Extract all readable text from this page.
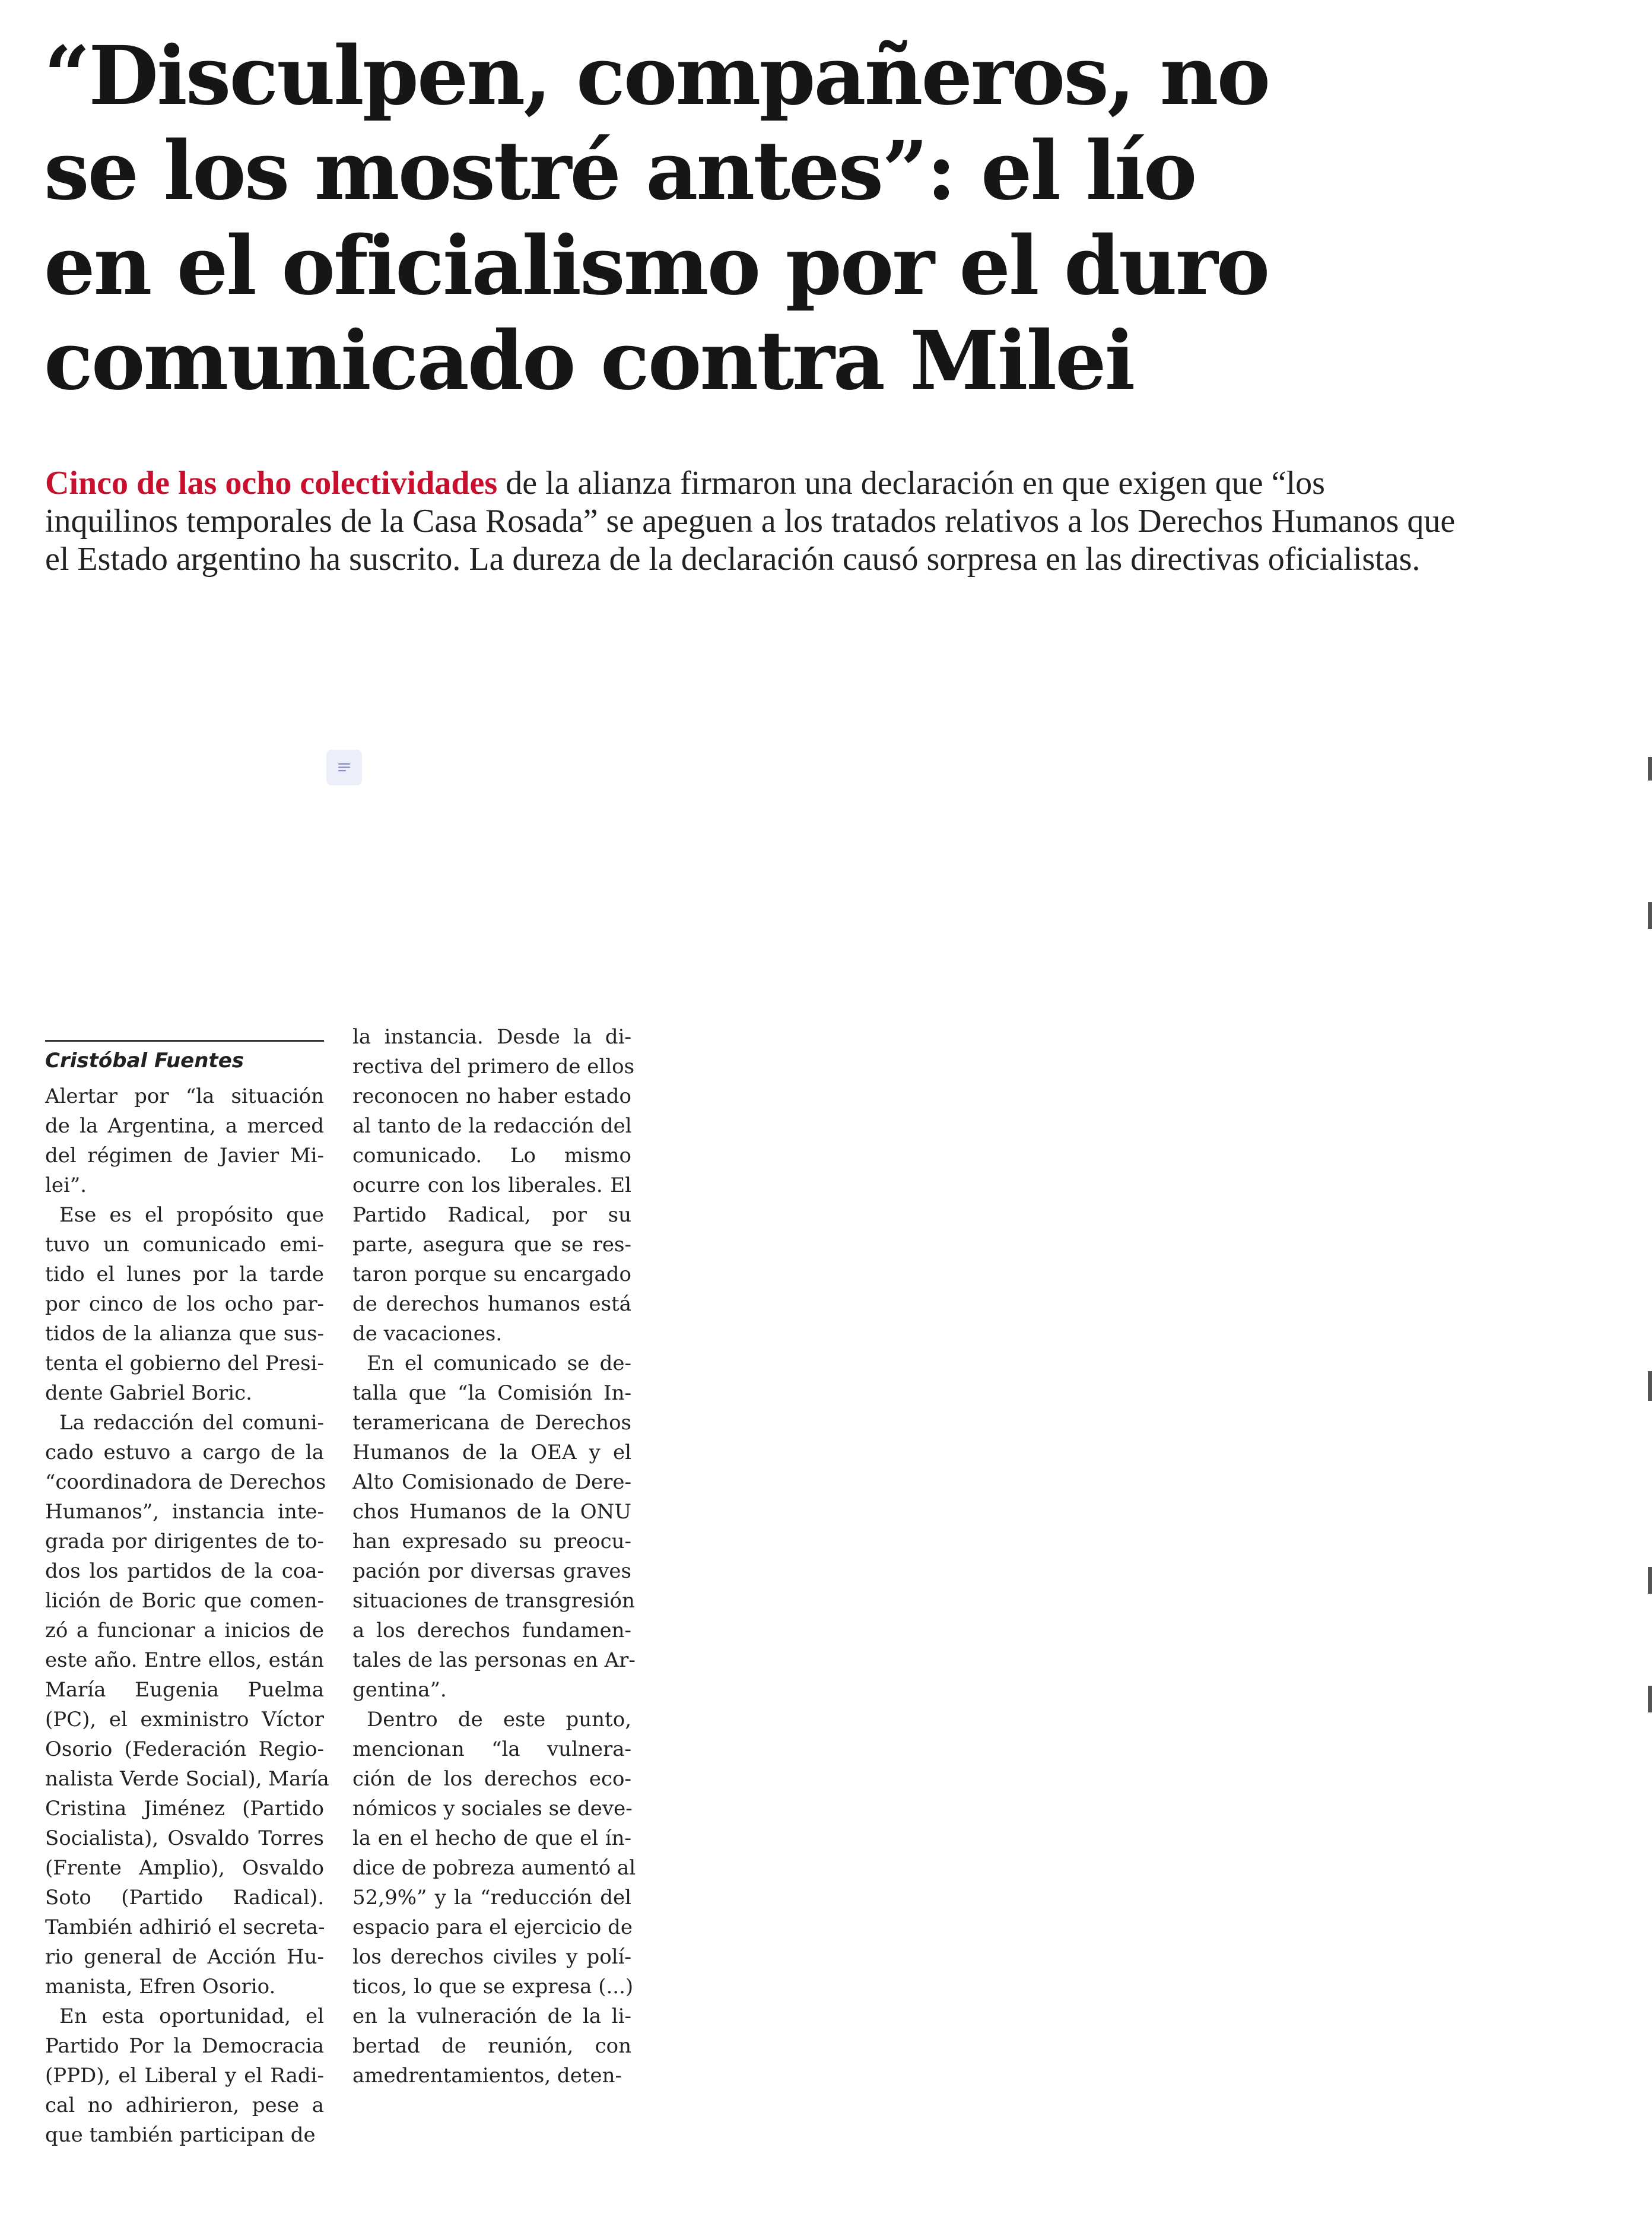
“Disculpen, compañeros, no
se los mostré antes”: el lío
en el oficialismo por el duro
comunicado contra Milei

Cinco de las ocho colectividades de la alianza firmaron una declaración en que exigen que “los
inquilinos temporales de la Casa Rosada” se apeguen a los tratados relativos a los Derechos Humanos que
el Estado argentino ha suscrito. La dureza de la declaración causó sorpresa en las directivas oficialistas.

Cristóbal Fuentes
Alertar por “la situación
de la Argentina, a merced
del régimen de Javier Mi-
lei”.
Ese es el propósito que
tuvo un comunicado emi-
tido el lunes por la tarde
por cinco de los ocho par-
tidos de la alianza que sus-
tenta el gobierno del Presi-
dente Gabriel Boric.
La redacción del comuni-
cado estuvo a cargo de la
“coordinadora de Derechos
Humanos”, instancia inte-
grada por dirigentes de to-
dos los partidos de la coa-
lición de Boric que comen-
zó a funcionar a inicios de
este año. Entre ellos, están
María Eugenia Puelma
(PC), el exministro Víctor
Osorio (Federación Regio-
nalista Verde Social), María
Cristina Jiménez (Partido
Socialista), Osvaldo Torres
(Frente Amplio), Osvaldo
Soto (Partido Radical).
También adhirió el secreta-
rio general de Acción Hu-
manista, Efren Osorio.
En esta oportunidad, el
Partido Por la Democracia
(PPD), el Liberal y el Radi-
cal no adhirieron, pese a
que también participan de
la instancia. Desde la di-
rectiva del primero de ellos
reconocen no haber estado
al tanto de la redacción del
comunicado. Lo mismo
ocurre con los liberales. El
Partido Radical, por su
parte, asegura que se res-
taron porque su encargado
de derechos humanos está
de vacaciones.
En el comunicado se de-
talla que “la Comisión In-
teramericana de Derechos
Humanos de la OEA y el
Alto Comisionado de Dere-
chos Humanos de la ONU
han expresado su preocu-
pación por diversas graves
situaciones de transgresión
a los derechos fundamen-
tales de las personas en Ar-
gentina”.
Dentro de este punto,
mencionan “la vulnera-
ción de los derechos eco-
nómicos y sociales se deve-
la en el hecho de que el ín-
dice de pobreza aumentó al
52,9%” y la “reducción del
espacio para el ejercicio de
los derechos civiles y polí-
ticos, lo que se expresa (...)
en la vulneración de la li-
bertad de reunión, con
amedrentamientos, deten-
